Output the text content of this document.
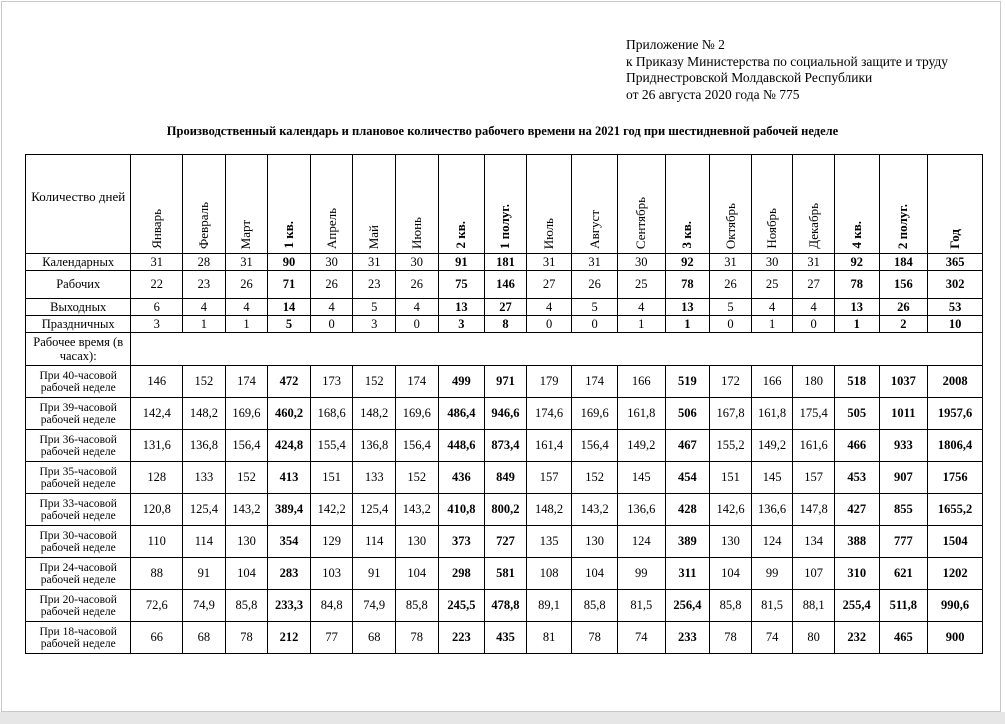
Приложение № 2
к Приказу Министерства по социальной защите и труду
Приднестровской Молдавской Республики
от 26 августа 2020 года № 775
Производственный календарь и плановое количество рабочего времени на 2021 год при шестидневной рабочей неделе
Количество дней	Январь	Февраль	Март	1 кв.	Апрель	Май	Июнь	2 кв.	1 полуг.	Июль	Август	Сентябрь	3 кв.	Октябрь	Ноябрь	Декабрь	4 кв.	2 полуг.	Год
Календарных	31	28	31	90	30	31	30	91	181	31	31	30	92	31	30	31	92	184	365
Рабочих	22	23	26	71	26	23	26	75	146	27	26	25	78	26	25	27	78	156	302
Выходных	6	4	4	14	4	5	4	13	27	4	5	4	13	5	4	4	13	26	53
Праздничных	3	1	1	5	0	3	0	3	8	0	0	1	1	0	1	0	1	2	10
Рабочее время (в часах):																			
При 40-часовой рабочей неделе	146	152	174	472	173	152	174	499	971	179	174	166	519	172	166	180	518	1037	2008
При 39-часовой рабочей неделе	142,4	148,2	169,6	460,2	168,6	148,2	169,6	486,4	946,6	174,6	169,6	161,8	506	167,8	161,8	175,4	505	1011	1957,6
При 36-часовой рабочей неделе	131,6	136,8	156,4	424,8	155,4	136,8	156,4	448,6	873,4	161,4	156,4	149,2	467	155,2	149,2	161,6	466	933	1806,4
При 35-часовой рабочей неделе	128	133	152	413	151	133	152	436	849	157	152	145	454	151	145	157	453	907	1756
При 33-часовой рабочей неделе	120,8	125,4	143,2	389,4	142,2	125,4	143,2	410,8	800,2	148,2	143,2	136,6	428	142,6	136,6	147,8	427	855	1655,2
При 30-часовой рабочей неделе	110	114	130	354	129	114	130	373	727	135	130	124	389	130	124	134	388	777	1504
При 24-часовой рабочей неделе	88	91	104	283	103	91	104	298	581	108	104	99	311	104	99	107	310	621	1202
При 20-часовой рабочей неделе	72,6	74,9	85,8	233,3	84,8	74,9	85,8	245,5	478,8	89,1	85,8	81,5	256,4	85,8	81,5	88,1	255,4	511,8	990,6
При 18-часовой рабочей неделе	66	68	78	212	77	68	78	223	435	81	78	74	233	78	74	80	232	465	900
